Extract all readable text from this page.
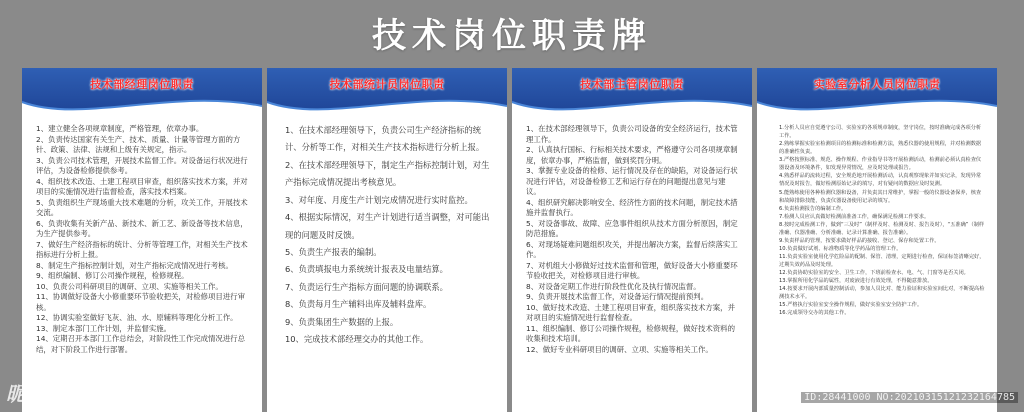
技术岗位职责牌
技术部经理岗位职责

1、建立健全各项规章制度，严格管理，依章办事。
2、负责传达国家有关生产、技术、质量、计量等管理方面的方针、政策、法律、法规和上级有关规定，指示。
3、负责公司技术管理，开展技术监督工作。对设备运行状况进行评估，为设备检修提供参考。
4、组织技术改造、土建工程项目审查，组织落实技术方案，并对项目的实施情况进行监督检查，落实技术档案。
5、负责组织生产现场重大技术难题的分析，攻关工作，开展技术交流。
6、负责收集有关新产品、新技术、新工艺、新设备等技术信息，为生产提供参考。
7、做好生产经济指标的统计、分析等管理工作，对相关生产技术指标进行分析上报。
8、制定生产指标控制计划，对生产指标完成情况进行考核。
9、组织编制、修订公司操作规程，检修规程。
10、负责公司科研项目的调研、立项、实施等相关工作。
11、协调做好设备大小修重要环节验收把关，对检修项目进行审核。
12、协调实验室做好飞灰、油、水、原辅料等理化分析工作。
13、制定本部门工作计划，并监督实施。
14、定期召开本部门工作总结会，对阶段性工作完成情况进行总结，对下阶段工作进行部署。

技术部统计员岗位职责

1、在技术部经理领导下，负责公司生产经济指标的统计、分析等工作，对相关生产技术指标进行分析上报。
2、在技术部经理领导下，制定生产指标控制计划，对生产指标完成情况提出考核意见。
3、对年度、月度生产计划完成情况进行实时监控。
4、根据实际情况，对生产计划进行适当调整，对可能出现的问题及时反馈。
5、负责生产报表的编制。
6、负责填报电力系统统计报表及电量结算。
7、负责运行生产指标方面问题的协调联系。
8、负责每月生产辅料出库及辅料盘库。
9、负责集团生产数据的上报。
10、完成技术部经理交办的其他工作。

技术部主管岗位职责

1、在技术部经理领导下，负责公司设备的安全经济运行，技术管理工作。
2、认真执行国标、行标相关技术要求，严格遵守公司各项规章制度，依章办事，严格监督，做到奖罚分明。
3、掌握专业设备的检修、运行情况及存在的缺陷，对设备运行状况进行评估，对设备检修工艺和运行存在的问题提出意见与建议。
4、组织研究解决影响安全、经济性方面的技术问题，制定技术措施并监督执行。
5、对设备事故、故障、应急事件组织从技术方面分析原因，制定防范措施。
6、对现场疑难问题组织攻关，并提出解决方案，监督后续落实工作。
7、对机组大小修做好过技术监督和管理，做好设备大小修重要环节验收把关，对检修项目进行审核。
8、对设备定期工作进行阶段性优化及执行情况监督。
9、负责开展技术监督工作，对设备运行情况提前预判。
10、做好技术改造、土建工程项目审查，组织落实技术方案，并对项目的实施情况进行监督检查。
11、组织编制、修订公司操作规程，检修规程，做好技术资料的收集和技术培训。
12、做好专业科研项目的调研、立项、实施等相关工作。

实验室分析人员岗位职责

1.分析人员应自觉遵守公司、实验室的各项规章制度，坚守岗位，按时准确完成各项分析工作。
2.熟练掌握实验室检测项目的检测标准和检测方法，熟悉仪器的使用规程，并对检测数据的准确性负责。
3.严格按照标准、规范、操作规程、作业指导书等开展检测活动，检测前必须认真检查仪器设备及环境条件，如发现异常情况，应及时处理或报告。
4.熟悉样品的流转过程，安全规范地开展检测活动，认真观察现象并如实记录，发现异常情况及时报告，做好检测原始记录的填写，对有疑问的数据应及时复测。
5.能熟练使用各种检测仪器和设备，并负责其日常维护，掌握一般的仪器设备保养，核查和故障排除技能，负责仪器设备使用记录的填写。
6.负责检测报告的编制工作。
7.检测人员应认真做好检测前准备工作，确保满足检测工作要求。
8.按时完成检测工作，做到“三及时”（制样及时、检测及时、报告及时），“五准确”（制样准确、仪器准确、分析准确、记录计算准确、报告准确）。
9.负责样品的管理，按要求做好样品的接收、登记、保存和处置工作。
10.负责做好试剂、标准物质等化学药品的管理工作。
11.负责实验室使用化学危险品的配制、保管、清理，定期进行检查，保证标签清晰完好，过期失效药品及时处理。
12.负责协助实验室的安全、卫生工作，下班前检查水、电、气、门窗等是否关闭。
13.掌握所用化学品的属性，对废液进行有效处理，不得随意排放。
14.按要求开展内部质量控制活动，参加人员比对、能力验证和实验室间比对，不断提高检测技术水平。
15.严格执行实验室安全操作规程，做好实验室安全防护工作。
16.完成领导交办的其他工作。

昵享网	www.nipic.cn
ID:28441000 NO:20210315121232164785
